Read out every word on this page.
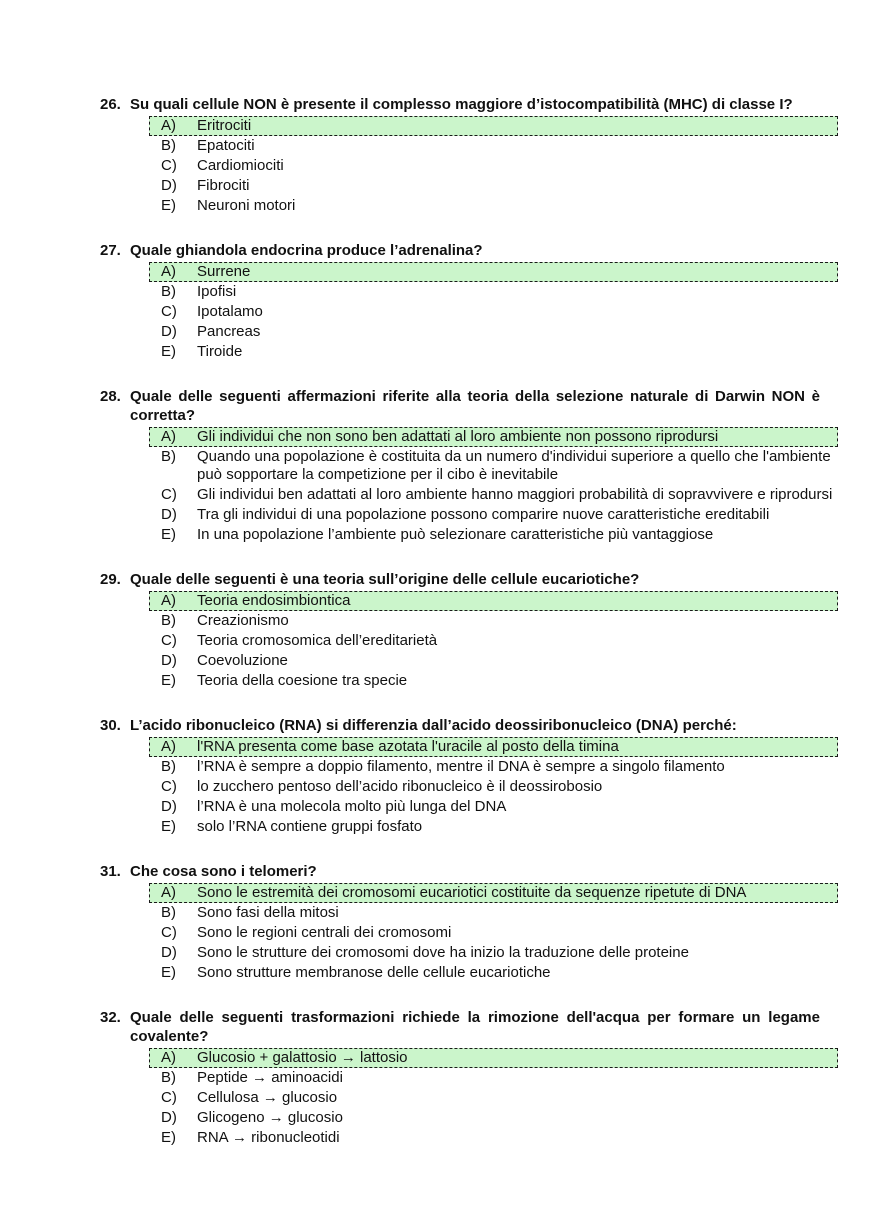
26. Su quali cellule NON è presente il complesso maggiore d’istocompatibilità (MHC) di classe I?
A)	Eritrociti
B)	Epatociti
C)	Cardiomiociti
D)	Fibrociti
E)	Neuroni motori
27. Quale ghiandola endocrina produce l’adrenalina?
A)	Surrene
B)	Ipofisi
C)	Ipotalamo
D)	Pancreas
E)	Tiroide
28. Quale delle seguenti affermazioni riferite alla teoria della selezione naturale di Darwin NON è corretta?
A)	Gli individui che non sono ben adattati al loro ambiente non possono riprodursi
B)	Quando una popolazione è costituita da un numero d'individui superiore a quello che l'ambiente può sopportare la competizione per il cibo è inevitabile
C)	Gli individui ben adattati al loro ambiente hanno maggiori probabilità di sopravvivere e riprodursi
D)	Tra gli individui di una popolazione possono comparire nuove caratteristiche ereditabili
E)	In una popolazione l’ambiente può selezionare caratteristiche più vantaggiose
29. Quale delle seguenti è una teoria sull’origine delle cellule eucariotiche?
A)	Teoria endosimbiontica
B)	Creazionismo
C)	Teoria cromosomica dell’ereditarietà
D)	Coevoluzione
E)	Teoria della coesione tra specie
30. L’acido ribonucleico (RNA) si differenzia dall’acido deossiribonucleico (DNA) perché:
A)	l'RNA presenta come base azotata l'uracile al posto della timina
B)	l’RNA è sempre a doppio filamento, mentre il DNA è sempre a singolo filamento
C)	lo zucchero pentoso dell’acido ribonucleico è il deossirobosio
D)	l’RNA è una molecola molto più lunga del DNA
E)	solo l’RNA contiene gruppi fosfato
31. Che cosa sono i telomeri?
A)	Sono le estremità dei cromosomi eucariotici costituite da sequenze ripetute di DNA
B)	Sono fasi della mitosi
C)	Sono le regioni centrali dei cromosomi
D)	Sono le strutture dei cromosomi dove ha inizio la traduzione delle proteine
E)	Sono strutture membranose delle cellule eucariotiche
32. Quale delle seguenti trasformazioni richiede la rimozione dell'acqua per formare un legame covalente?
A)	Glucosio + galattosio → lattosio
B)	Peptide → aminoacidi
C)	Cellulosa → glucosio
D)	Glicogeno → glucosio
E)	RNA → ribonucleotidi
